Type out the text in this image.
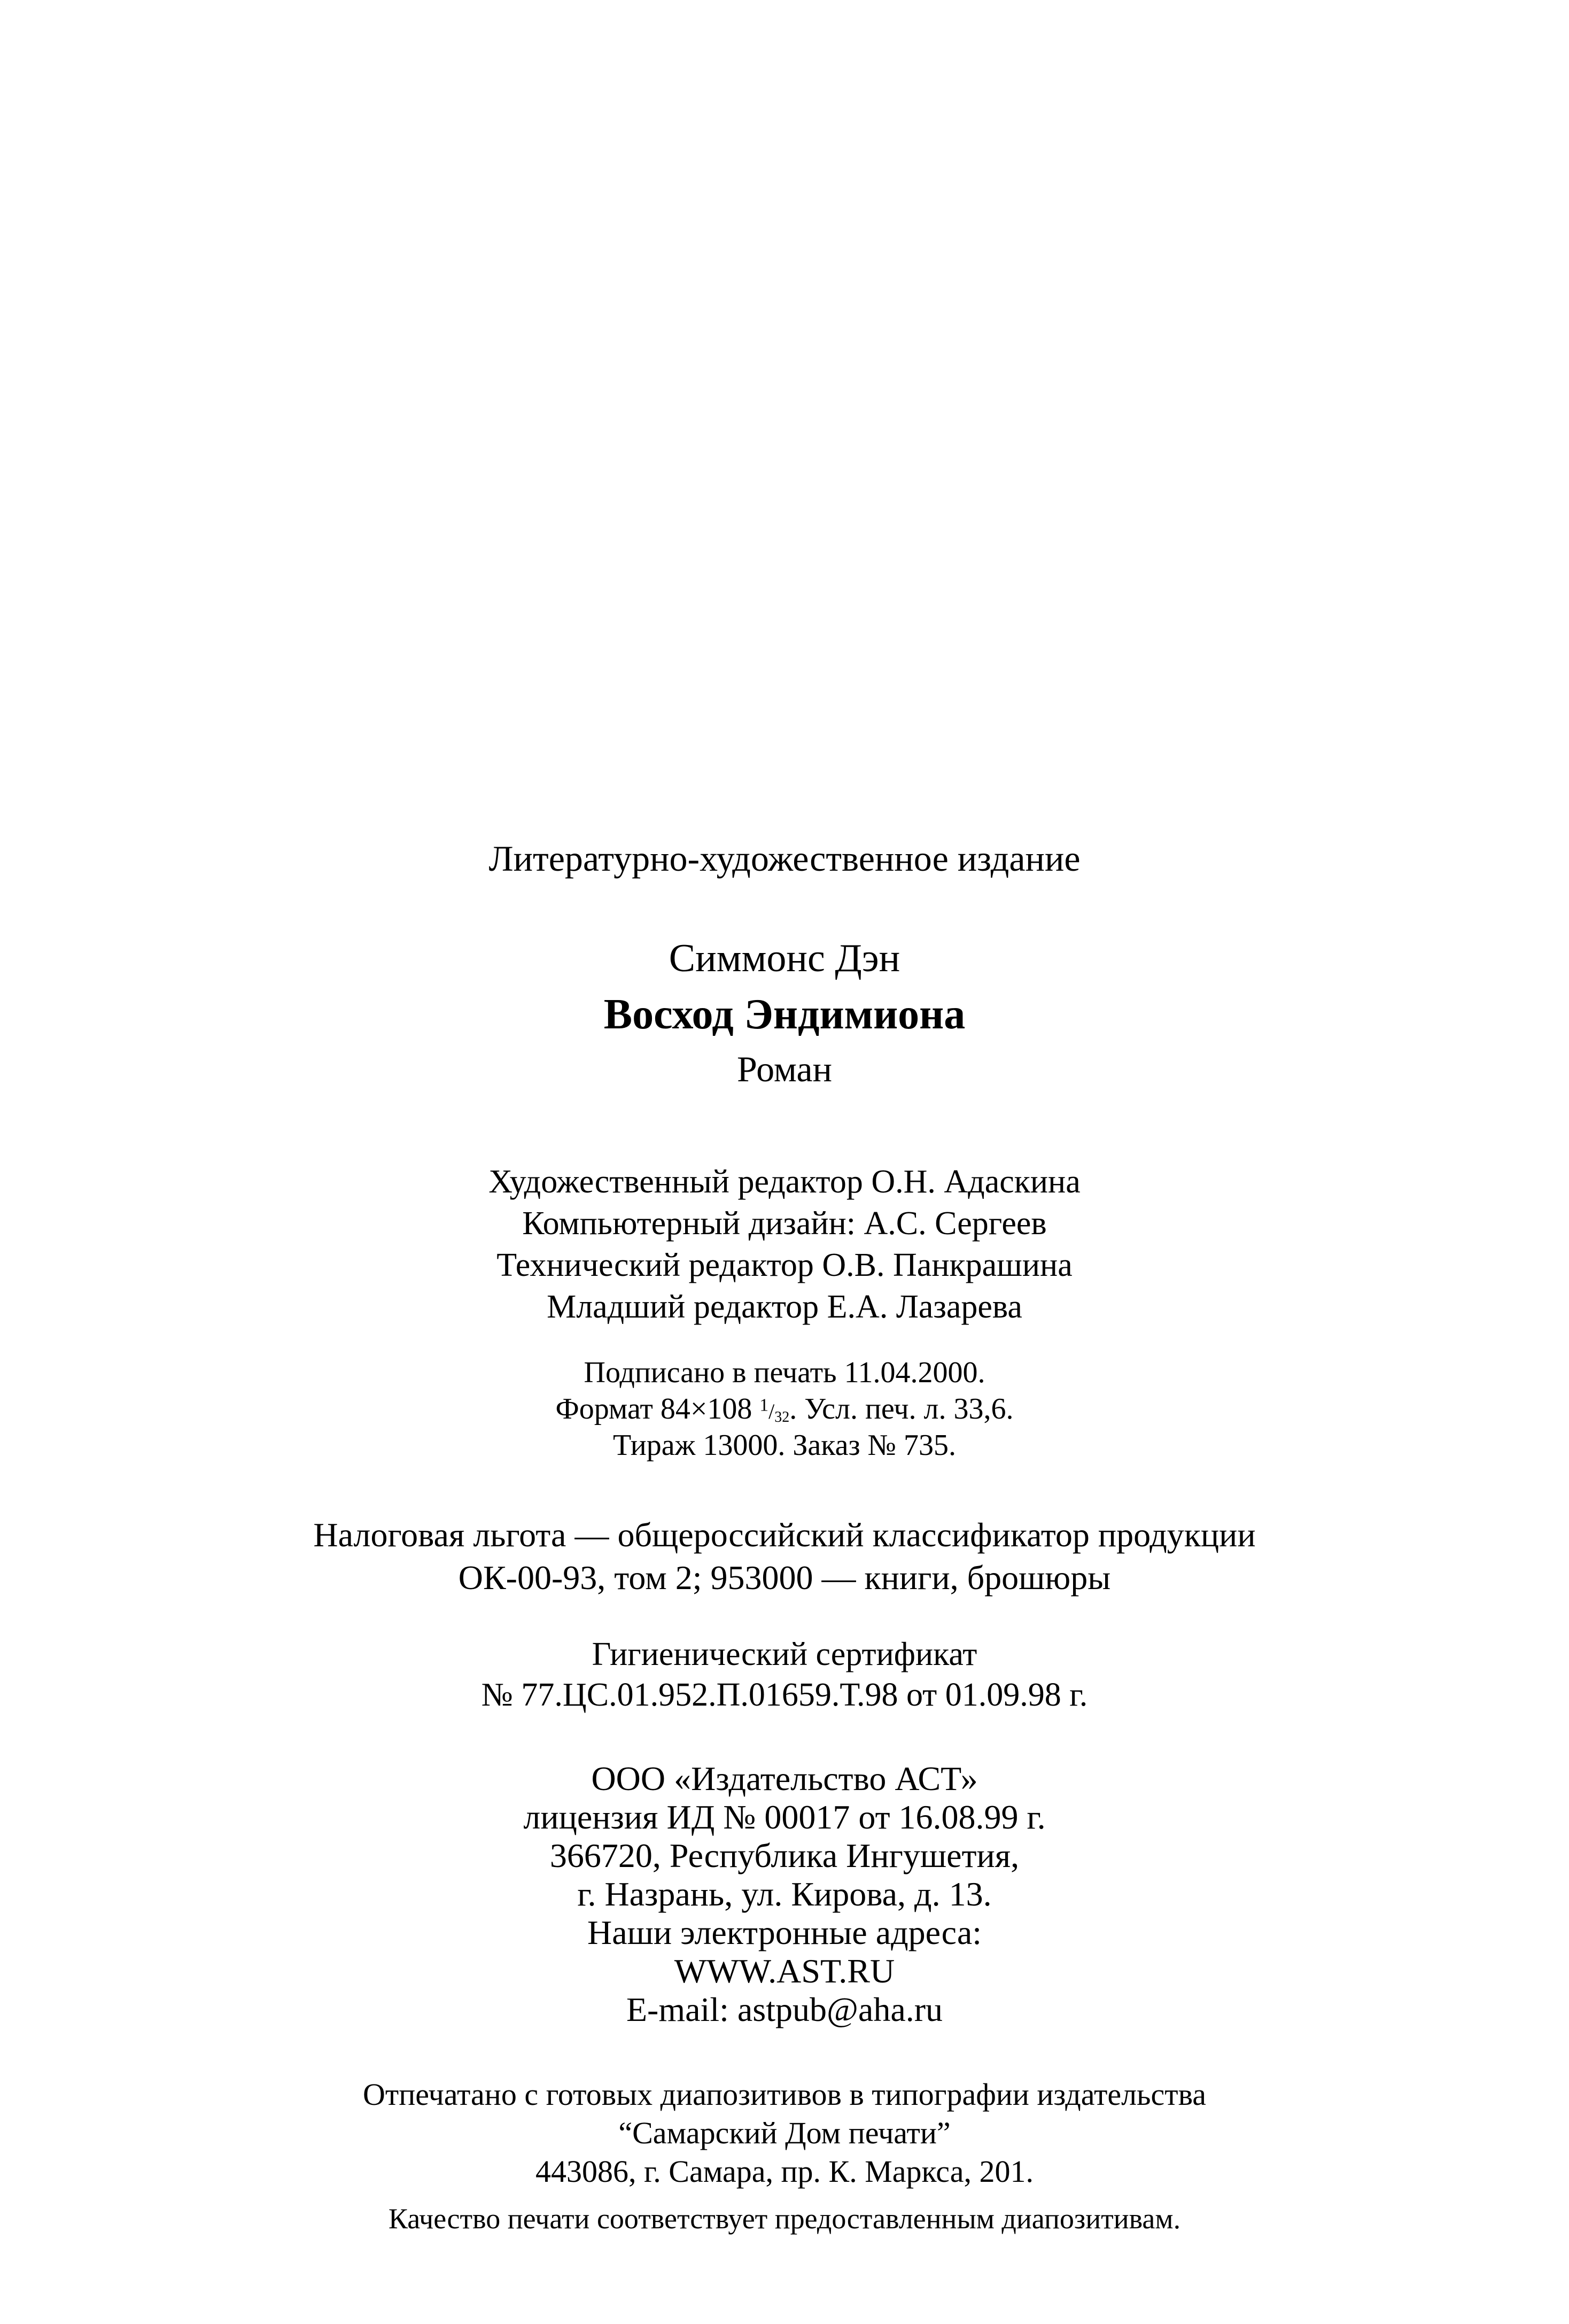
Литературно-художественное издание
Симмонс Дэн
Восход Эндимиона
Роман
Художественный редактор О.Н. Адаскина
Компьютерный дизайн: А.С. Сергеев
Технический редактор О.В. Панкрашина
Младший редактор Е.А. Лазарева
Подписано в печать 11.04.2000.
Формат 84×108 $^1/_{32}$. Усл. печ. л. 33,6.
Тираж 13000. Заказ № 735.
Налоговая льгота — общероссийский классификатор продукции
ОК-00-93, том 2; 953000 — книги, брошюры
Гигиенический сертификат
№ 77.ЦС.01.952.П.01659.Т.98 от 01.09.98 г.
ООО «Издательство АСТ»
лицензия ИД № 00017 от 16.08.99 г.
366720, Республика Ингушетия,
г. Назрань, ул. Кирова, д. 13.
Наши электронные адреса:
WWW.AST.RU
E-mail: astpub@aha.ru
Отпечатано с готовых диапозитивов в типографии издательства
“Самарский Дом печати”
443086, г. Самара, пр. К. Маркса, 201.
Качество печати соответствует предоставленным диапозитивам.
